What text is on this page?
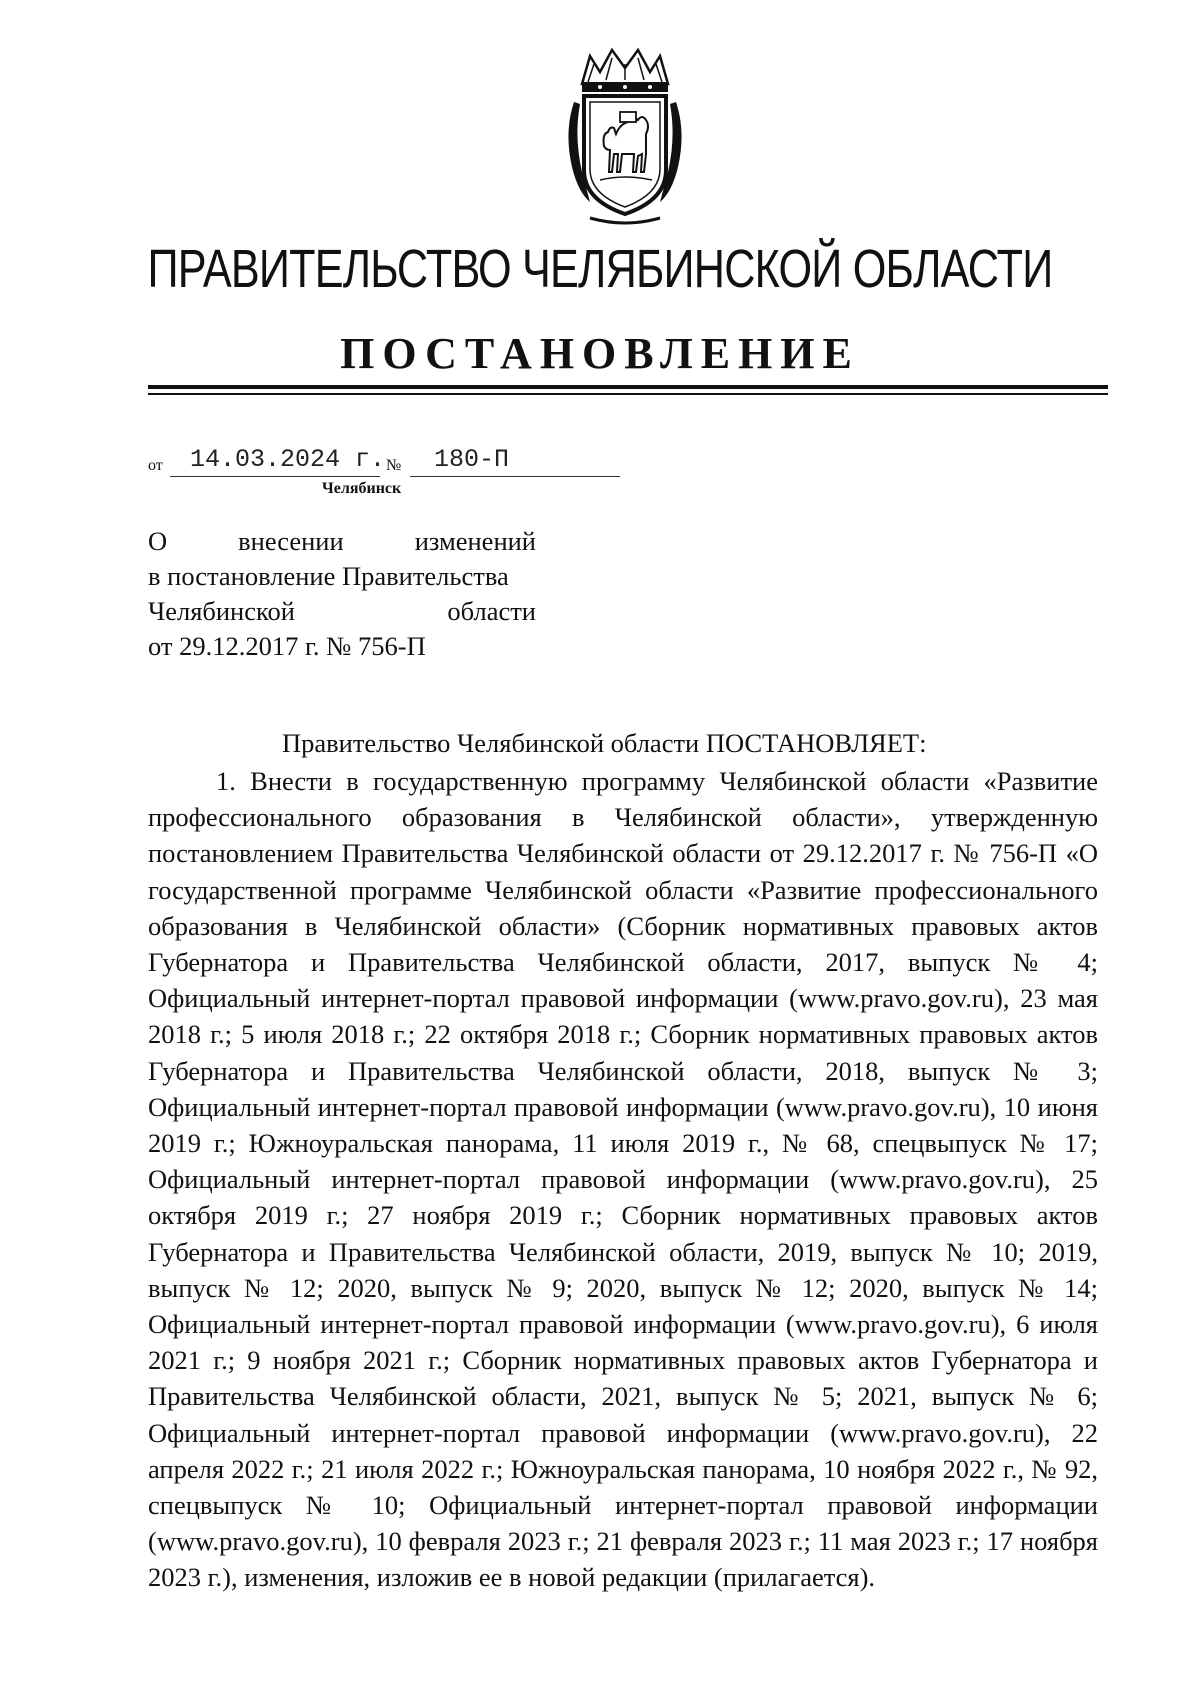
ПРАВИТЕЛЬСТВО ЧЕЛЯБИНСКОЙ ОБЛАСТИ
ПОСТАНОВЛЕНИЕ
от 14.03.2024 г. № 180-П
Челябинск
О внесении изменений
в постановление Правительства
Челябинской области
от 29.12.2017 г. № 756-П
Правительство Челябинской области ПОСТАНОВЛЯЕТ:
1. Внести в государственную программу Челябинской области «Развитие профессионального образования в Челябинской области», утвержденную постановлением Правительства Челябинской области от 29.12.2017 г. № 756-П «О государственной программе Челябинской области «Развитие профессионального образования в Челябинской области» (Сборник нормативных правовых актов Губернатора и Правительства Челябинской области, 2017, выпуск № 4; Официальный интернет-портал правовой информации (www.pravo.gov.ru), 23 мая 2018 г.; 5 июля 2018 г.; 22 октября 2018 г.; Сборник нормативных правовых актов Губернатора и Правительства Челябинской области, 2018, выпуск № 3; Официальный интернет-портал правовой информации (www.pravo.gov.ru), 10 июня 2019 г.; Южноуральская панорама, 11 июля 2019 г., № 68, спецвыпуск № 17; Официальный интернет-портал правовой информации (www.pravo.gov.ru), 25 октября 2019 г.; 27 ноября 2019 г.; Сборник нормативных правовых актов Губернатора и Правительства Челябинской области, 2019, выпуск № 10; 2019, выпуск № 12; 2020, выпуск № 9; 2020, выпуск № 12; 2020, выпуск № 14; Официальный интернет-портал правовой информации (www.pravo.gov.ru), 6 июля 2021 г.; 9 ноября 2021 г.; Сборник нормативных правовых актов Губернатора и Правительства Челябинской области, 2021, выпуск № 5; 2021, выпуск № 6; Официальный интернет-портал правовой информации (www.pravo.gov.ru), 22 апреля 2022 г.; 21 июля 2022 г.; Южноуральская панорама, 10 ноября 2022 г., № 92, спецвыпуск № 10; Официальный интернет-портал правовой информации (www.pravo.gov.ru), 10 февраля 2023 г.; 21 февраля 2023 г.; 11 мая 2023 г.; 17 ноября 2023 г.), изменения, изложив ее в новой редакции (прилагается).
